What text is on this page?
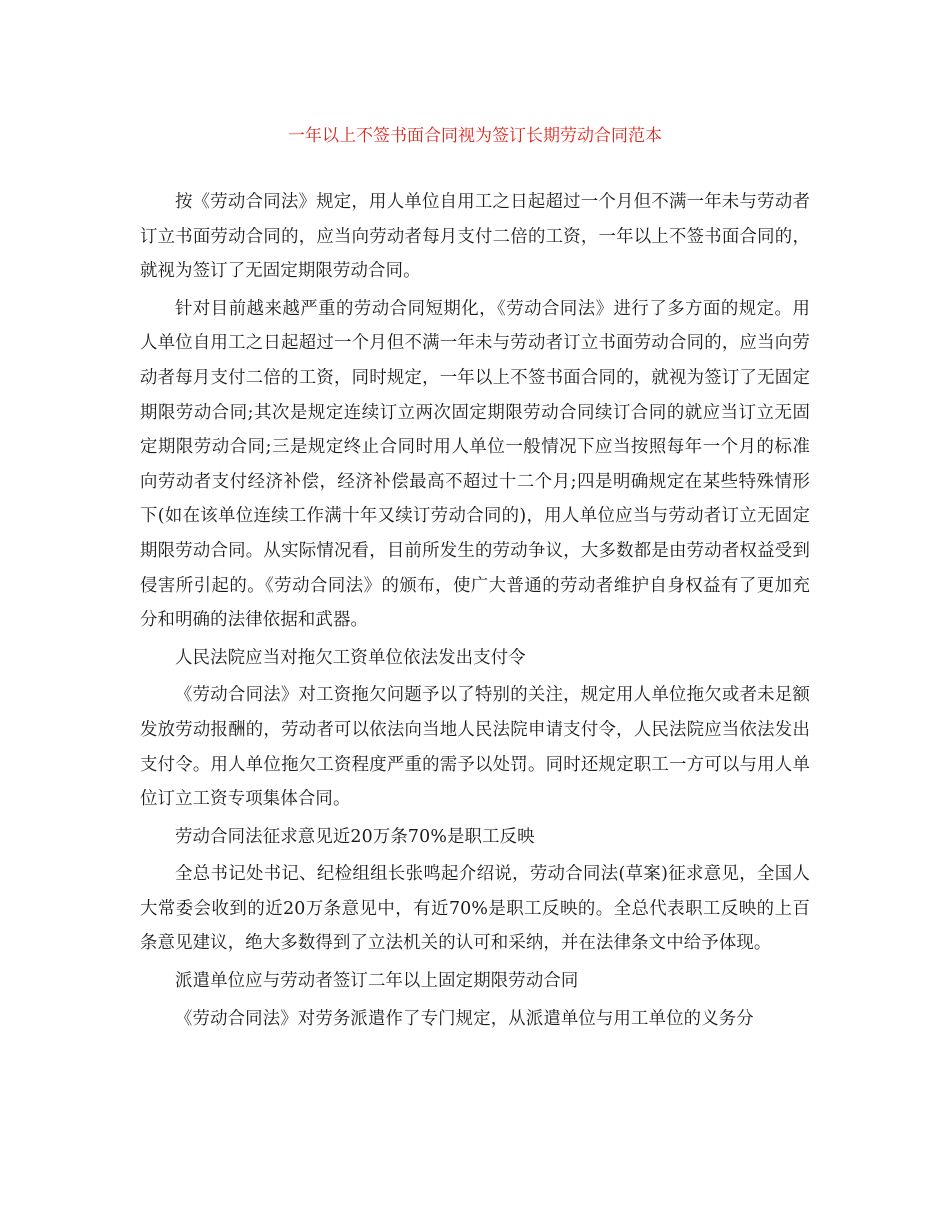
一年以上不签书面合同视为签订长期劳动合同范本

按《劳动合同法》规定，用人单位自用工之日起超过一个月但不满一年未与劳动者订立书面劳动合同的，应当向劳动者每月支付二倍的工资，一年以上不签书面合同的，就视为签订了无固定期限劳动合同。

针对目前越来越严重的劳动合同短期化，《劳动合同法》进行了多方面的规定。用人单位自用工之日起超过一个月但不满一年未与劳动者订立书面劳动合同的，应当向劳动者每月支付二倍的工资，同时规定，一年以上不签书面合同的，就视为签订了无固定期限劳动合同;其次是规定连续订立两次固定期限劳动合同续订合同的就应当订立无固定期限劳动合同;三是规定终止合同时用人单位一般情况下应当按照每年一个月的标准向劳动者支付经济补偿，经济补偿最高不超过十二个月;四是明确规定在某些特殊情形下(如在该单位连续工作满十年又续订劳动合同的)，用人单位应当与劳动者订立无固定期限劳动合同。从实际情况看，目前所发生的劳动争议，大多数都是由劳动者权益受到侵害所引起的。《劳动合同法》的颁布，使广大普通的劳动者维护自身权益有了更加充分和明确的法律依据和武器。

人民法院应当对拖欠工资单位依法发出支付令

《劳动合同法》对工资拖欠问题予以了特别的关注，规定用人单位拖欠或者未足额发放劳动报酬的，劳动者可以依法向当地人民法院申请支付令，人民法院应当依法发出支付令。用人单位拖欠工资程度严重的需予以处罚。同时还规定职工一方可以与用人单位订立工资专项集体合同。

劳动合同法征求意见近20万条70%是职工反映

全总书记处书记、纪检组组长张鸣起介绍说，劳动合同法(草案)征求意见，全国人大常委会收到的近20万条意见中，有近70%是职工反映的。全总代表职工反映的上百条意见建议，绝大多数得到了立法机关的认可和采纳，并在法律条文中给予体现。

派遣单位应与劳动者签订二年以上固定期限劳动合同

《劳动合同法》对劳务派遣作了专门规定，从派遣单位与用工单位的义务分
